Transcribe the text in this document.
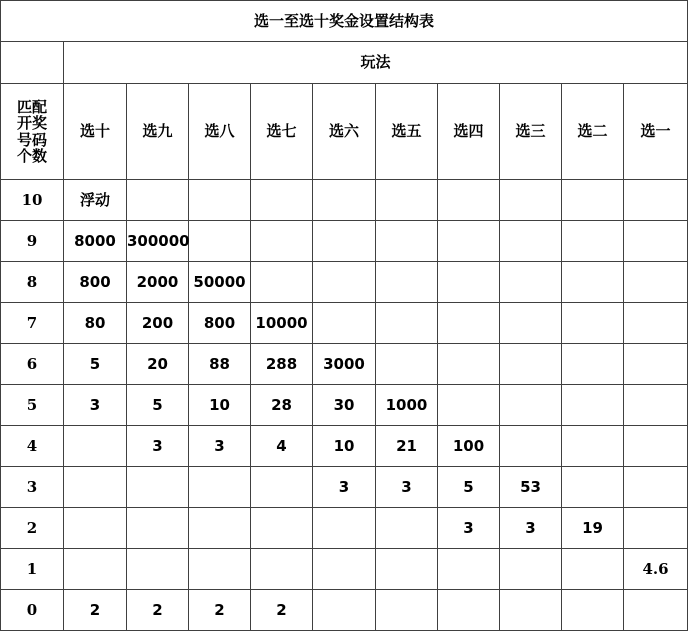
选一至选十奖金设置结构表										
	玩法									
匹配
开奖
号码
个数	选十	选九	选八	选七	选六	选五	选四	选三	选二	选一
10	浮动									
9	8000	300000								
8	800	2000	50000							
7	80	200	800	10000						
6	5	20	88	288	3000					
5	3	5	10	28	30	1000				
4		3	3	4	10	21	100			
3					3	3	5	53		
2							3	3	19	
1										4.6
0	2	2	2	2						
